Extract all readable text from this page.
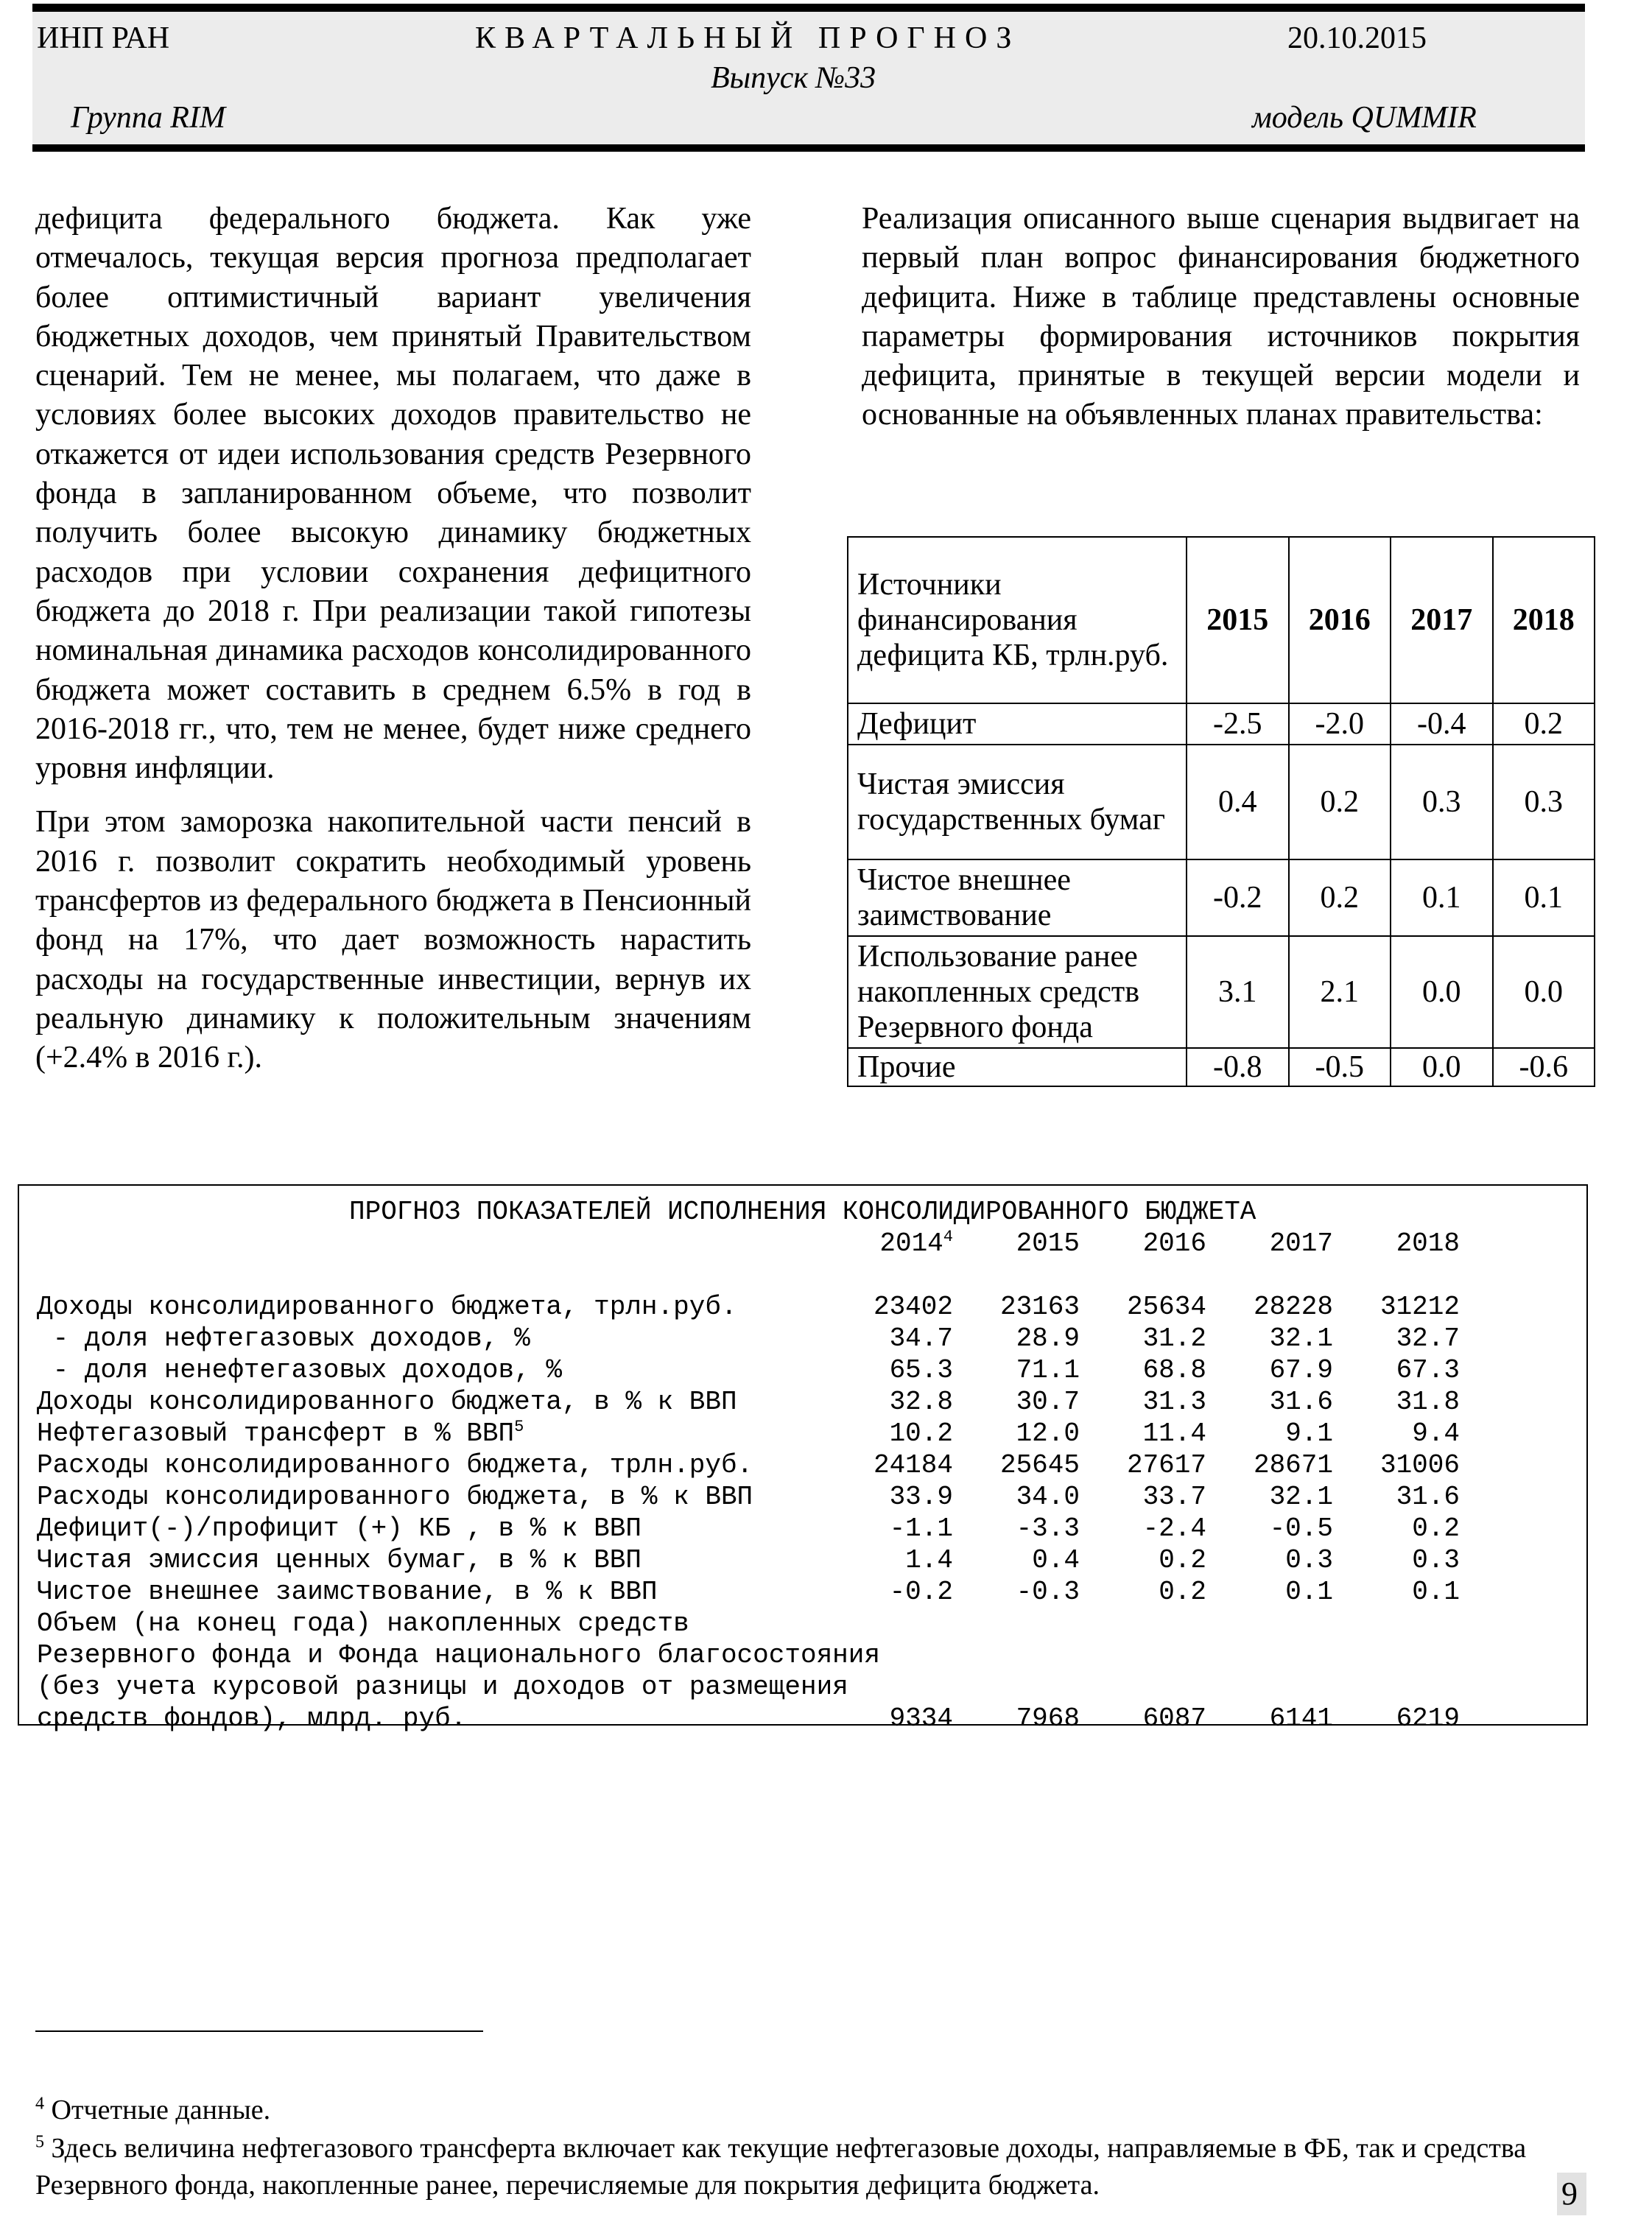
ИНП РАН	КВАРТАЛЬНЫЙ ПРОГНОЗ	20.10.2015
Выпуск №33
Группа RIM	модель QUMMIR

дефицита федерального бюджета. Как уже отмечалось, текущая версия прогноза предполагает более оптимистичный вариант увеличения бюджетных доходов, чем принятый Правительством сценарий. Тем не менее, мы полагаем, что даже в условиях более высоких доходов правительство не откажется от идеи использования средств Резервного фонда в запланированном объеме, что позволит получить более высокую динамику бюджетных расходов при условии сохранения дефицитного бюджета до 2018 г. При реализации такой гипотезы номинальная динамика расходов консолидированного бюджета может составить в среднем 6.5% в год в 2016-2018 гг., что, тем не менее, будет ниже среднего уровня инфляции.

При этом заморозка накопительной части пенсий в 2016 г. позволит сократить необходимый уровень трансфертов из федерального бюджета в Пенсионный фонд на 17%, что дает возможность нарастить расходы на государственные инвестиции, вернув их реальную динамику к положительным значениям (+2.4% в 2016 г.).

Реализация описанного выше сценария выдвигает на первый план вопрос финансирования бюджетного дефицита. Ниже в таблице представлены основные параметры формирования источников покрытия дефицита, принятые в текущей версии модели и основанные на объявленных планах правительства:

Источники финансирования дефицита КБ, трлн.руб.	2015	2016	2017	2018
Дефицит	-2.5	-2.0	-0.4	0.2
Чистая эмиссия государственных бумаг	0.4	0.2	0.3	0.3
Чистое внешнее заимствование	-0.2	0.2	0.1	0.1
Использование ранее накопленных средств Резервного фонда	3.1	2.1	0.0	0.0
Прочие	-0.8	-0.5	0.0	-0.6
ПРОГНОЗ ПОКАЗАТЕЛЕЙ ИСПОЛНЕНИЯ КОНСОЛИДИРОВАННОГО БЮДЖЕТА
2014$^4$	2015	2016	2017	2018
Доходы консолидированного бюджета, трлн.руб.	23402	23163	25634	28228	31212
- доля нефтегазовых доходов, %	34.7	28.9	31.2	32.1	32.7
- доля ненефтегазовых доходов, %	65.3	71.1	68.8	67.9	67.3
Доходы консолидированного бюджета, в % к ВВП	32.8	30.7	31.3	31.6	31.8
Нефтегазовый трансферт в % ВВП$^5$	10.2	12.0	11.4	9.1	9.4
Расходы консолидированного бюджета, трлн.руб.	24184	25645	27617	28671	31006
Расходы консолидированного бюджета, в % к ВВП	33.9	34.0	33.7	32.1	31.6
Дефицит(-)/профицит (+) КБ , в % к ВВП	-1.1	-3.3	-2.4	-0.5	0.2
Чистая эмиссия ценных бумаг, в % к ВВП	1.4	0.4	0.2	0.3	0.3
Чистое внешнее заимствование, в % к ВВП	-0.2	-0.3	0.2	0.1	0.1
Объем (на конец года) накопленных средств
Резервного фонда и Фонда национального благосостояния
(без учета курсовой разницы и доходов от размещения
средств фондов), млрд. руб.	9334	7968	6087	6141	6219
$^4$ Отчетные данные.
$^5$ Здесь величина нефтегазового трансферта включает как текущие нефтегазовые доходы, направляемые в ФБ, так и средства Резервного фонда, накопленные ранее, перечисляемые для покрытия дефицита бюджета.	9
